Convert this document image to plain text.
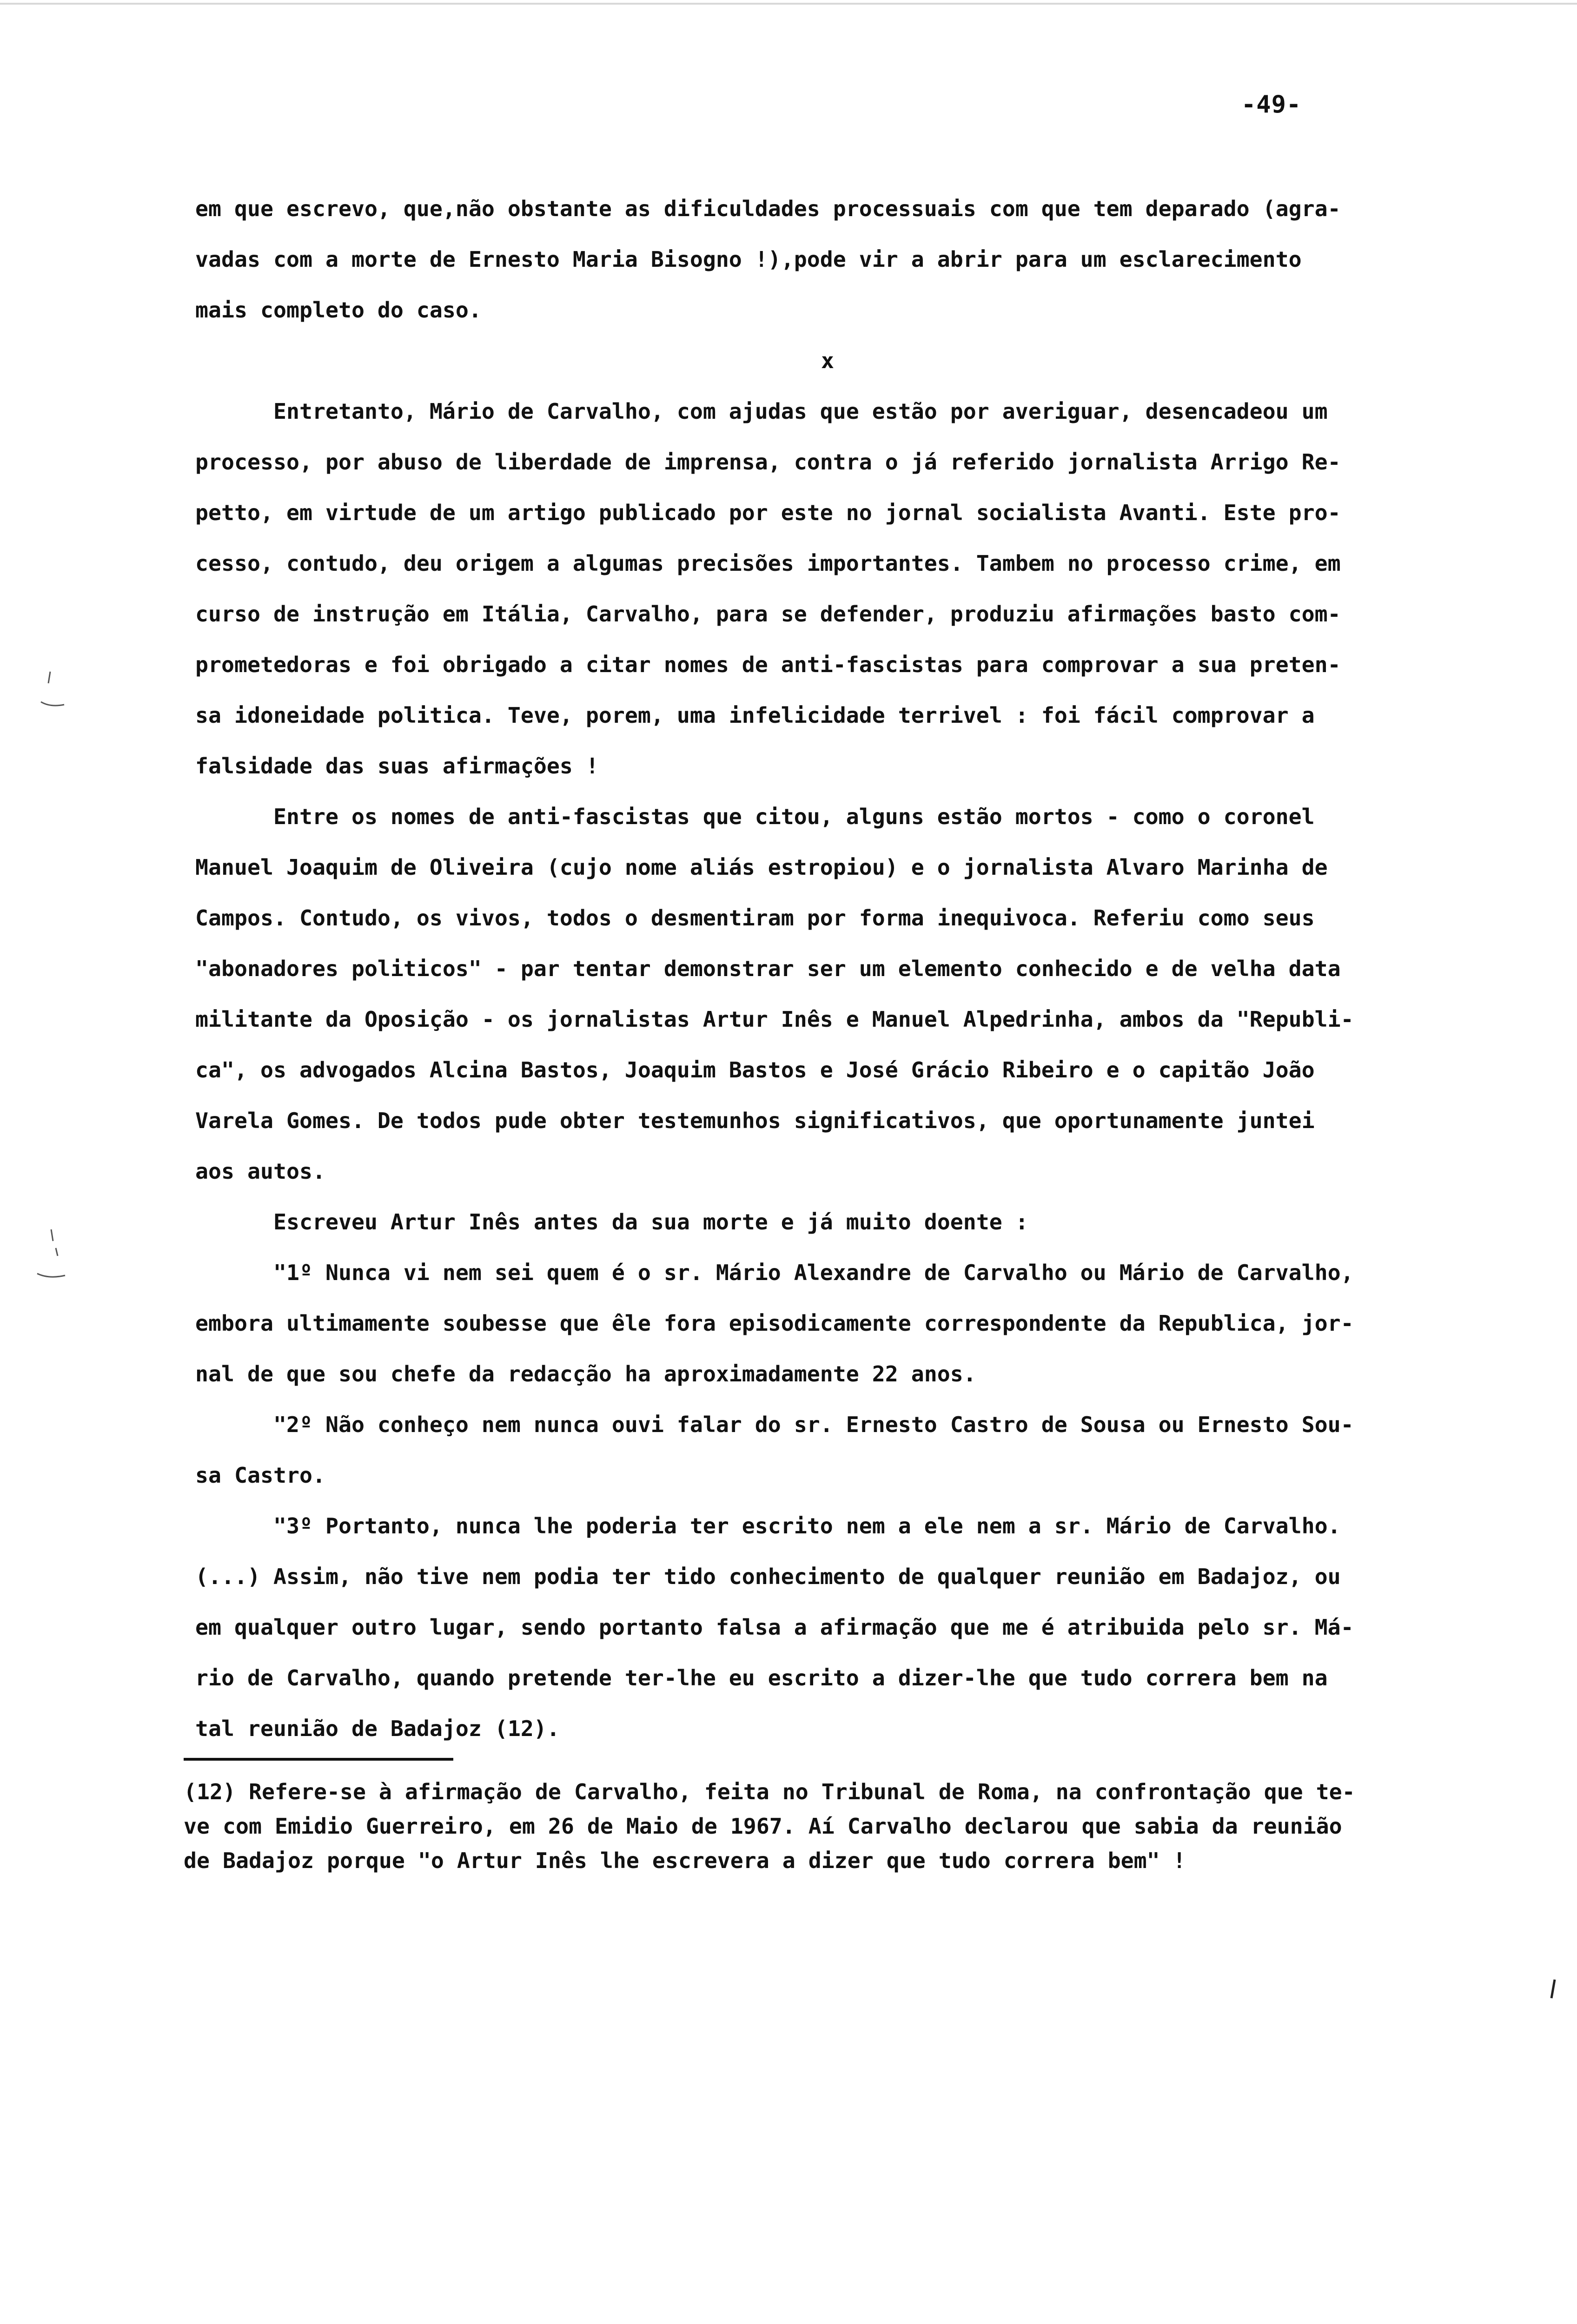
-49-
em que escrevo, que,não obstante as dificuldades processuais com que tem deparado (agra-
vadas com a morte de Ernesto Maria Bisogno !),pode vir a abrir para um esclarecimento
mais completo do caso.
x
Entretanto, Mário de Carvalho, com ajudas que estão por averiguar, desencadeou um
processo, por abuso de liberdade de imprensa, contra o já referido jornalista Arrigo Re-
petto, em virtude de um artigo publicado por este no jornal socialista Avanti. Este pro-
cesso, contudo, deu origem a algumas precisões importantes. Tambem no processo crime, em
curso de instrução em Itália, Carvalho, para se defender, produziu afirmações basto com-
prometedoras e foi obrigado a citar nomes de anti-fascistas para comprovar a sua preten-
sa idoneidade politica. Teve, porem, uma infelicidade terrivel : foi fácil comprovar a
falsidade das suas afirmações !
Entre os nomes de anti-fascistas que citou, alguns estão mortos - como o coronel
Manuel Joaquim de Oliveira (cujo nome aliás estropiou) e o jornalista Alvaro Marinha de
Campos. Contudo, os vivos, todos o desmentiram por forma inequivoca. Referiu como seus
"abonadores politicos" - par tentar demonstrar ser um elemento conhecido e de velha data
militante da Oposição - os jornalistas Artur Inês e Manuel Alpedrinha, ambos da "Republi-
ca", os advogados Alcina Bastos, Joaquim Bastos e José Grácio Ribeiro e o capitão João
Varela Gomes. De todos pude obter testemunhos significativos, que oportunamente juntei
aos autos.
Escreveu Artur Inês antes da sua morte e já muito doente :
"1º Nunca vi nem sei quem é o sr. Mário Alexandre de Carvalho ou Mário de Carvalho,
embora ultimamente soubesse que êle fora episodicamente correspondente da Republica, jor-
nal de que sou chefe da redacção ha aproximadamente 22 anos.
"2º Não conheço nem nunca ouvi falar do sr. Ernesto Castro de Sousa ou Ernesto Sou-
sa Castro.
"3º Portanto, nunca lhe poderia ter escrito nem a ele nem a sr. Mário de Carvalho.
(...) Assim, não tive nem podia ter tido conhecimento de qualquer reunião em Badajoz, ou
em qualquer outro lugar, sendo portanto falsa a afirmação que me é atribuida pelo sr. Má-
rio de Carvalho, quando pretende ter-lhe eu escrito a dizer-lhe que tudo correra bem na
tal reunião de Badajoz (12).
(12) Refere-se à afirmação de Carvalho, feita no Tribunal de Roma, na confrontação que te-
ve com Emidio Guerreiro, em 26 de Maio de 1967. Aí Carvalho declarou que sabia da reunião
de Badajoz porque "o Artur Inês lhe escrevera a dizer que tudo correra bem" !
